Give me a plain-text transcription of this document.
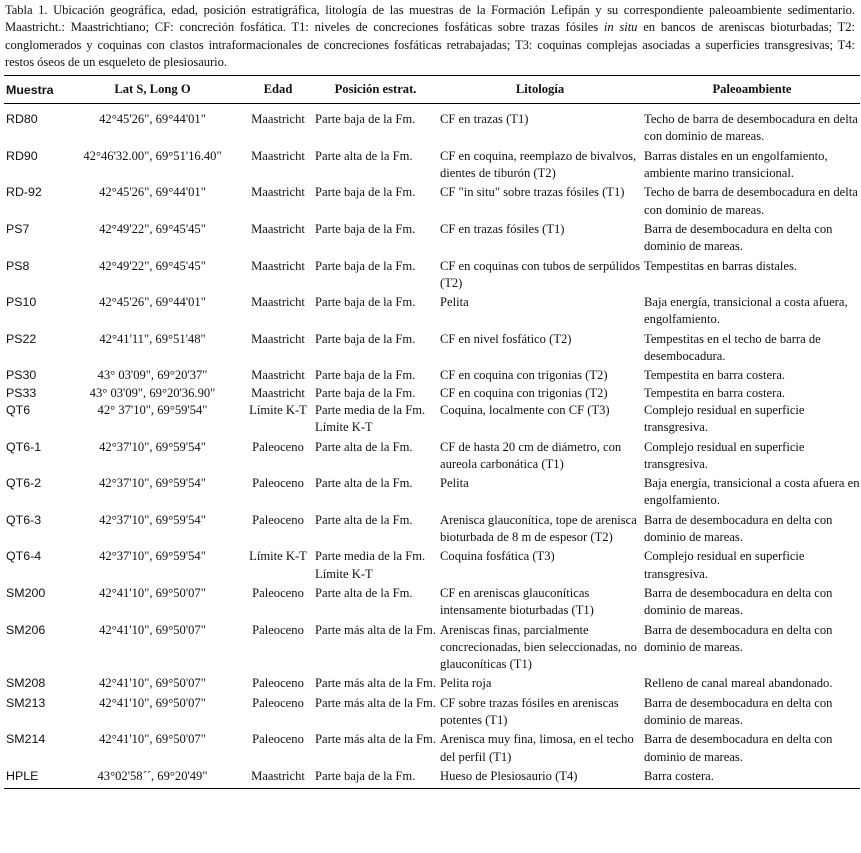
Tabla 1. Ubicación geográfica, edad, posición estratigráfica, litología de las muestras de la Formación Lefipán y su correspondiente paleoambiente sedimentario. Maastricht.: Maastrichtiano; CF: concreción fosfática. T1: niveles de concreciones fosfáticas sobre trazas fósiles in situ en bancos de areniscas bioturbadas; T2: conglomerados y coquinas con clastos intraformacionales de concreciones fosfáticas retrabajadas; T3: coquinas complejas asociadas a superficies transgresivas; T4: restos óseos de un esqueleto de plesiosaurio.

Muestra	Lat S, Long O	Edad	Posición estrat.	Litología	Paleoambiente
RD80	42°45'26", 69°44'01"	Maastricht	Parte baja de la Fm.	CF en trazas (T1)	Techo de barra de desembocadura en delta con dominio de mareas.
RD90	42°46'32.00", 69°51'16.40"	Maastricht	Parte alta de la Fm.	CF en coquina, reemplazo de bivalvos, dientes de tiburón (T2)	Barras distales en un engolfamiento, ambiente marino transicional.
RD-92	42°45'26", 69°44'01"	Maastricht	Parte baja de la Fm.	CF "in situ" sobre trazas fósiles (T1)	Techo de barra de desembocadura en delta con dominio de mareas.
PS7	42°49'22", 69°45'45"	Maastricht	Parte baja de la Fm.	CF en trazas fósiles (T1)	Barra de desembocadura en delta con dominio de mareas.
PS8	42°49'22", 69°45'45"	Maastricht	Parte baja de la Fm.	CF en coquinas con tubos de serpúlidos (T2)	Tempestitas en barras distales.
PS10	42°45'26", 69°44'01"	Maastricht	Parte baja de la Fm.	Pelita	Baja energía, transicional a costa afuera, engolfamiento.
PS22	42°41'11", 69°51'48"	Maastricht	Parte baja de la Fm.	CF en nivel fosfático (T2)	Tempestitas en el techo de barra de desembocadura.
PS30	43° 03'09", 69°20'37"	Maastricht	Parte baja de la Fm.	CF en coquina con trigonias (T2)	Tempestita en barra costera.
PS33	43° 03'09", 69°20'36.90"	Maastricht	Parte baja de la Fm.	CF en coquina con trigonias (T2)	Tempestita en barra costera.
QT6	42° 37'10", 69°59'54"	Límite K-T	Parte media de la Fm. Límite K-T	Coquina, localmente con CF (T3)	Complejo residual en superficie transgresiva.
QT6-1	42°37'10", 69°59'54"	Paleoceno	Parte alta de la Fm.	CF de hasta 20 cm de diámetro, con aureola carbonática (T1)	Complejo residual en superficie transgresiva.
QT6-2	42°37'10", 69°59'54"	Paleoceno	Parte alta de la Fm.	Pelita	Baja energía, transicional a costa afuera en engolfamiento.
QT6-3	42°37'10", 69°59'54"	Paleoceno	Parte alta de la Fm.	Arenisca glauconítica, tope de arenisca bioturbada de 8 m de espesor (T2)	Barra de desembocadura en delta con dominio de mareas.
QT6-4	42°37'10", 69°59'54"	Límite K-T	Parte media de la Fm. Límite K-T	Coquina fosfática (T3)	Complejo residual en superficie transgresiva.
SM200	42°41'10", 69°50'07"	Paleoceno	Parte alta de la Fm.	CF en areniscas glauconíticas intensamente bioturbadas (T1)	Barra de desembocadura en delta con dominio de mareas.
SM206	42°41'10", 69°50'07"	Paleoceno	Parte más alta de la Fm.	Areniscas finas, parcialmente concrecionadas, bien seleccionadas, no glauconíticas (T1)	Barra de desembocadura en delta con dominio de mareas.
SM208	42°41'10", 69°50'07"	Paleoceno	Parte más alta de la Fm.	Pelita roja	Relleno de canal mareal abandonado.
SM213	42°41'10", 69°50'07"	Paleoceno	Parte más alta de la Fm.	CF sobre trazas fósiles en areniscas potentes (T1)	Barra de desembocadura en delta con dominio de mareas.
SM214	42°41'10", 69°50'07"	Paleoceno	Parte más alta de la Fm.	Arenisca muy fina, limosa, en el techo del perfil (T1)	Barra de desembocadura en delta con dominio de mareas.
HPLE	43°02'58´´, 69°20'49"	Maastricht	Parte baja de la Fm.	Hueso de Plesiosaurio (T4)	Barra costera.
